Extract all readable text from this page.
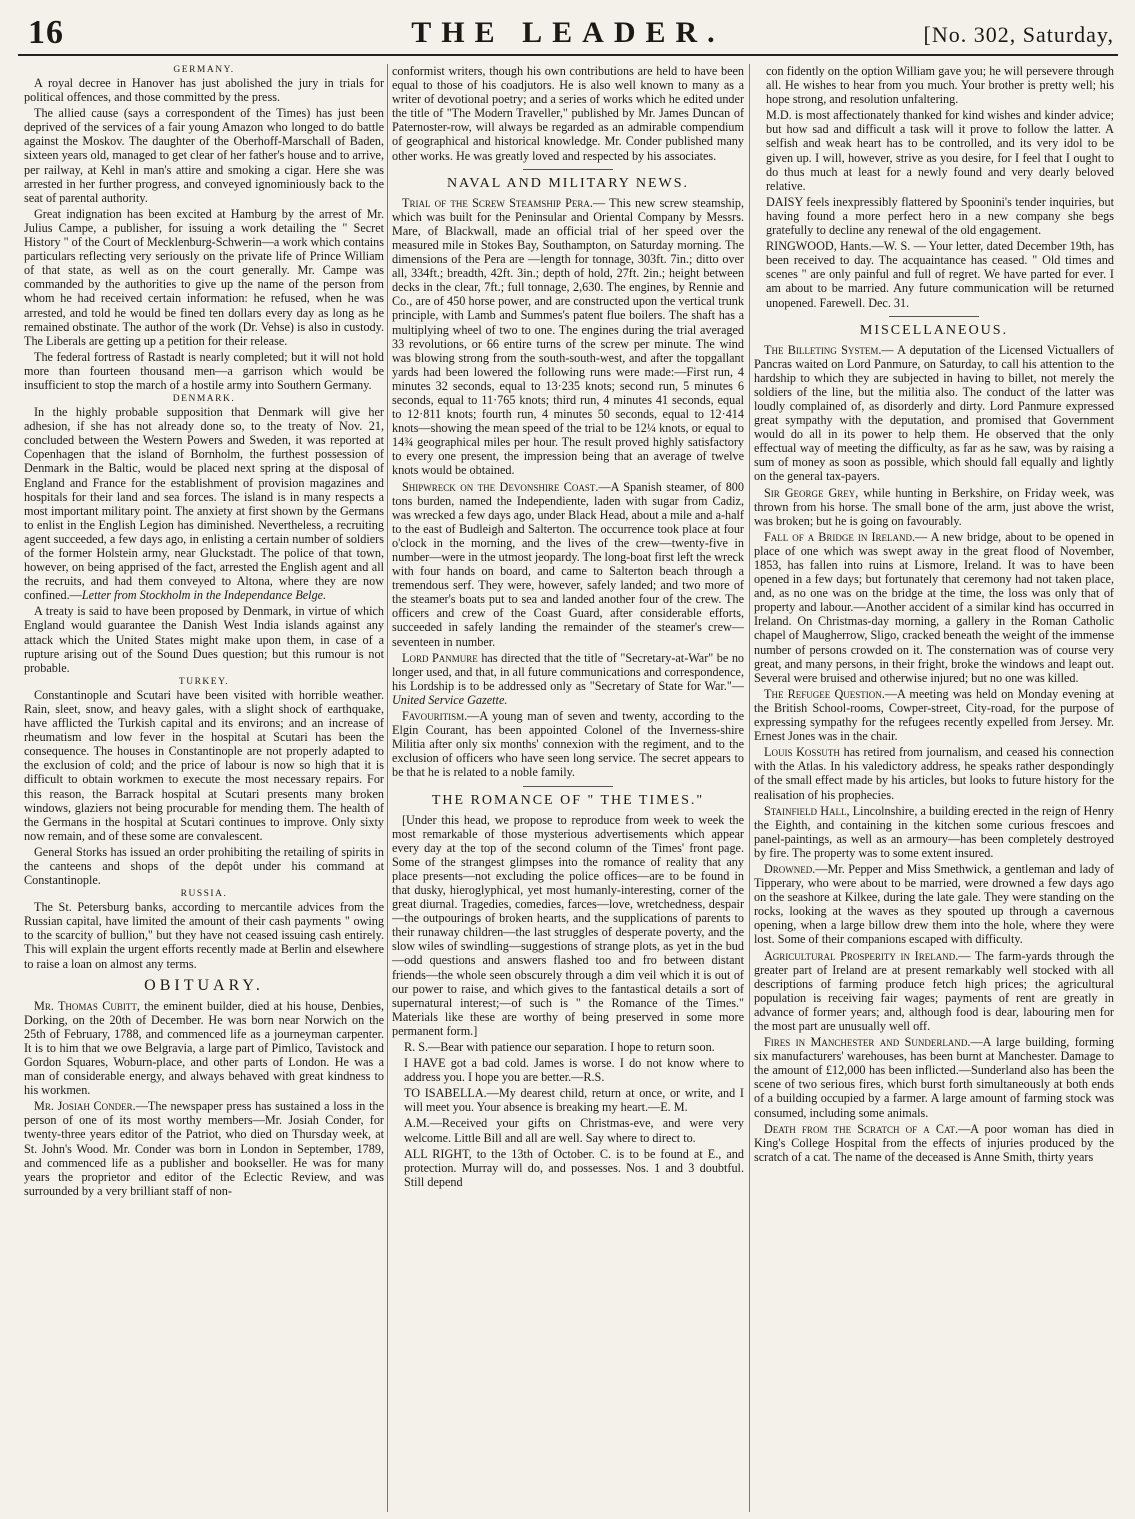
16	THE LEADER.	[No. 302, Saturday,
GERMANY.

A royal decree in Hanover has just abolished the jury in trials for political offences, and those committed by the press.

The allied cause (says a correspondent of the Times) has just been deprived of the services of a fair young Amazon who longed to do battle against the Moskov. The daughter of the Oberhoff-Marschall of Baden, sixteen years old, managed to get clear of her father's house and to arrive, per railway, at Kehl in man's attire and smoking a cigar. Here she was arrested in her further progress, and conveyed ignominiously back to the seat of parental authority.

Great indignation has been excited at Hamburg by the arrest of Mr. Julius Campe, a publisher, for issuing a work detailing the " Secret History " of the Court of Mecklenburg-Schwerin—a work which contains particulars reflecting very seriously on the private life of Prince William of that state, as well as on the court generally. Mr. Campe was commanded by the authorities to give up the name of the person from whom he had received certain information: he refused, when he was arrested, and told he would be fined ten dollars every day as long as he remained obstinate. The author of the work (Dr. Vehse) is also in custody. The Liberals are getting up a petition for their release.

The federal fortress of Rastadt is nearly completed; but it will not hold more than fourteen thousand men—a garrison which would be insufficient to stop the march of a hostile army into Southern Germany.

DENMARK.

In the highly probable supposition that Denmark will give her adhesion, if she has not already done so, to the treaty of Nov. 21, concluded between the Western Powers and Sweden, it was reported at Copenhagen that the island of Bornholm, the furthest possession of Denmark in the Baltic, would be placed next spring at the disposal of England and France for the establishment of provision magazines and hospitals for their land and sea forces. The island is in many respects a most important military point. The anxiety at first shown by the Germans to enlist in the English Legion has diminished. Nevertheless, a recruiting agent succeeded, a few days ago, in enlisting a certain number of soldiers of the former Holstein army, near Gluckstadt. The police of that town, however, on being apprised of the fact, arrested the English agent and all the recruits, and had them conveyed to Altona, where they are now confined.—Letter from Stockholm in the Independance Belge.

A treaty is said to have been proposed by Denmark, in virtue of which England would guarantee the Danish West India islands against any attack which the United States might make upon them, in case of a rupture arising out of the Sound Dues question; but this rumour is not probable.

TURKEY.

Constantinople and Scutari have been visited with horrible weather. Rain, sleet, snow, and heavy gales, with a slight shock of earthquake, have afflicted the Turkish capital and its environs; and an increase of rheumatism and low fever in the hospital at Scutari has been the consequence. The houses in Constantinople are not properly adapted to the exclusion of cold; and the price of labour is now so high that it is difficult to obtain workmen to execute the most necessary repairs. For this reason, the Barrack hospital at Scutari presents many broken windows, glaziers not being procurable for mending them. The health of the Germans in the hospital at Scutari continues to improve. Only sixty now remain, and of these some are convalescent.

General Storks has issued an order prohibiting the retailing of spirits in the canteens and shops of the depôt under his command at Constantinople.

RUSSIA.

The St. Petersburg banks, according to mercantile advices from the Russian capital, have limited the amount of their cash payments " owing to the scarcity of bullion," but they have not ceased issuing cash entirely. This will explain the urgent efforts recently made at Berlin and elsewhere to raise a loan on almost any terms.

OBITUARY.

Mr. Thomas Cubitt, the eminent builder, died at his house, Denbies, Dorking, on the 20th of December. He was born near Norwich on the 25th of February, 1788, and commenced life as a journeyman carpenter. It is to him that we owe Belgravia, a large part of Pimlico, Tavistock and Gordon Squares, Woburn-place, and other parts of London. He was a man of considerable energy, and always behaved with great kindness to his workmen.

Mr. Josiah Conder.—The newspaper press has sustained a loss in the person of one of its most worthy members—Mr. Josiah Conder, for twenty-three years editor of the Patriot, who died on Thursday week, at St. John's Wood. Mr. Conder was born in London in September, 1789, and commenced life as a publisher and bookseller. He was for many years the proprietor and editor of the Eclectic Review, and was surrounded by a very brilliant staff of non-

conformist writers, though his own contributions are held to have been equal to those of his coadjutors. He is also well known to many as a writer of devotional poetry; and a series of works which he edited under the title of "The Modern Traveller," published by Mr. James Duncan of Paternoster-row, will always be regarded as an admirable compendium of geographical and historical knowledge. Mr. Conder published many other works. He was greatly loved and respected by his associates.

NAVAL AND MILITARY NEWS.

Trial of the Screw Steamship Pera.— This new screw steamship, which was built for the Peninsular and Oriental Company by Messrs. Mare, of Blackwall, made an official trial of her speed over the measured mile in Stokes Bay, Southampton, on Saturday morning. The dimensions of the Pera are —length for tonnage, 303ft. 7in.; ditto over all, 334ft.; breadth, 42ft. 3in.; depth of hold, 27ft. 2in.; height between decks in the clear, 7ft.; full tonnage, 2,630. The engines, by Rennie and Co., are of 450 horse power, and are constructed upon the vertical trunk principle, with Lamb and Summes's patent flue boilers. The shaft has a multiplying wheel of two to one. The engines during the trial averaged 33 revolutions, or 66 entire turns of the screw per minute. The wind was blowing strong from the south-south-west, and after the topgallant yards had been lowered the following runs were made:—First run, 4 minutes 32 seconds, equal to 13·235 knots; second run, 5 minutes 6 seconds, equal to 11·765 knots; third run, 4 minutes 41 seconds, equal to 12·811 knots; fourth run, 4 minutes 50 seconds, equal to 12·414 knots—showing the mean speed of the trial to be 12¼ knots, or equal to 14¾ geographical miles per hour. The result proved highly satisfactory to every one present, the impression being that an average of twelve knots would be obtained.

Shipwreck on the Devonshire Coast.—A Spanish steamer, of 800 tons burden, named the Independiente, laden with sugar from Cadiz, was wrecked a few days ago, under Black Head, about a mile and a-half to the east of Budleigh and Salterton. The occurrence took place at four o'clock in the morning, and the lives of the crew—twenty-five in number—were in the utmost jeopardy. The long-boat first left the wreck with four hands on board, and came to Salterton beach through a tremendous serf. They were, however, safely landed; and two more of the steamer's boats put to sea and landed another four of the crew. The officers and crew of the Coast Guard, after considerable efforts, succeeded in safely landing the remainder of the steamer's crew—seventeen in number.

Lord Panmure has directed that the title of "Secretary-at-War" be no longer used, and that, in all future communications and correspondence, his Lordship is to be addressed only as "Secretary of State for War."—United Service Gazette.

Favouritism.—A young man of seven and twenty, according to the Elgin Courant, has been appointed Colonel of the Inverness-shire Militia after only six months' connexion with the regiment, and to the exclusion of officers who have seen long service. The secret appears to be that he is related to a noble family.

THE ROMANCE OF " THE TIMES."

[Under this head, we propose to reproduce from week to week the most remarkable of those mysterious advertisements which appear every day at the top of the second column of the Times' front page. Some of the strangest glimpses into the romance of reality that any place presents—not excluding the police offices—are to be found in that dusky, hieroglyphical, yet most humanly-interesting, corner of the great diurnal. Tragedies, comedies, farces—love, wretchedness, despair—the outpourings of broken hearts, and the supplications of parents to their runaway children—the last struggles of desperate poverty, and the slow wiles of swindling—suggestions of strange plots, as yet in the bud—odd questions and answers flashed too and fro between distant friends—the whole seen obscurely through a dim veil which it is out of our power to raise, and which gives to the fantastical details a sort of supernatural interest;—of such is " the Romance of the Times." Materials like these are worthy of being preserved in some more permanent form.]

R. S.—Bear with patience our separation. I hope to return soon.

I HAVE got a bad cold. James is worse. I do not know where to address you. I hope you are better.—R.S.

TO ISABELLA.—My dearest child, return at once, or write, and I will meet you. Your absence is breaking my heart.—E. M.

A.M.—Received your gifts on Christmas-eve, and were very welcome. Little Bill and all are well. Say where to direct to.

ALL RIGHT, to the 13th of October. C. is to be found at E., and protection. Murray will do, and possesses. Nos. 1 and 3 doubtful. Still depend

con fidently on the option William gave you; he will persevere through all. He wishes to hear from you much. Your brother is pretty well; his hope strong, and resolution unfaltering.

M.D. is most affectionately thanked for kind wishes and kinder advice; but how sad and difficult a task will it prove to follow the latter. A selfish and weak heart has to be controlled, and its very idol to be given up. I will, however, strive as you desire, for I feel that I ought to do thus much at least for a newly found and very dearly beloved relative.

DAISY feels inexpressibly flattered by Spoonini's tender inquiries, but having found a more perfect hero in a new company she begs gratefully to decline any renewal of the old engagement.

RINGWOOD, Hants.—W. S. — Your letter, dated December 19th, has been received to day. The acquaintance has ceased. " Old times and scenes " are only painful and full of regret. We have parted for ever. I am about to be married. Any future communication will be returned unopened. Farewell. Dec. 31.

MISCELLANEOUS.

The Billeting System.— A deputation of the Licensed Victuallers of Pancras waited on Lord Panmure, on Saturday, to call his attention to the hardship to which they are subjected in having to billet, not merely the soldiers of the line, but the militia also. The conduct of the latter was loudly complained of, as disorderly and dirty. Lord Panmure expressed great sympathy with the deputation, and promised that Government would do all in its power to help them. He observed that the only effectual way of meeting the difficulty, as far as he saw, was by raising a sum of money as soon as possible, which should fall equally and lightly on the general tax-payers.

Sir George Grey, while hunting in Berkshire, on Friday week, was thrown from his horse. The small bone of the arm, just above the wrist, was broken; but he is going on favourably.

Fall of a Bridge in Ireland.— A new bridge, about to be opened in place of one which was swept away in the great flood of November, 1853, has fallen into ruins at Lismore, Ireland. It was to have been opened in a few days; but fortunately that ceremony had not taken place, and, as no one was on the bridge at the time, the loss was only that of property and labour.—Another accident of a similar kind has occurred in Ireland. On Christmas-day morning, a gallery in the Roman Catholic chapel of Maugherrow, Sligo, cracked beneath the weight of the immense number of persons crowded on it. The consternation was of course very great, and many persons, in their fright, broke the windows and leapt out. Several were bruised and otherwise injured; but no one was killed.

The Refugee Question.—A meeting was held on Monday evening at the British School-rooms, Cowper-street, City-road, for the purpose of expressing sympathy for the refugees recently expelled from Jersey. Mr. Ernest Jones was in the chair.

Louis Kossuth has retired from journalism, and ceased his connection with the Atlas. In his valedictory address, he speaks rather despondingly of the small effect made by his articles, but looks to future history for the realisation of his prophecies.

Stainfield Hall, Lincolnshire, a building erected in the reign of Henry the Eighth, and containing in the kitchen some curious frescoes and panel-paintings, as well as an armoury—has been completely destroyed by fire. The property was to some extent insured.

Drowned.—Mr. Pepper and Miss Smethwick, a gentleman and lady of Tipperary, who were about to be married, were drowned a few days ago on the seashore at Kilkee, during the late gale. They were standing on the rocks, looking at the waves as they spouted up through a cavernous opening, when a large billow drew them into the hole, where they were lost. Some of their companions escaped with difficulty.

Agricultural Prosperity in Ireland.— The farm-yards through the greater part of Ireland are at present remarkably well stocked with all descriptions of farming produce fetch high prices; the agricultural population is receiving fair wages; payments of rent are greatly in advance of former years; and, although food is dear, labouring men for the most part are unusually well off.

Fires in Manchester and Sunderland.—A large building, forming six manufacturers' warehouses, has been burnt at Manchester. Damage to the amount of £12,000 has been inflicted.—Sunderland also has been the scene of two serious fires, which burst forth simultaneously at both ends of a building occupied by a farmer. A large amount of farming stock was consumed, including some animals.

Death from the Scratch of a Cat.—A poor woman has died in King's College Hospital from the effects of injuries produced by the scratch of a cat. The name of the deceased is Anne Smith, thirty years
